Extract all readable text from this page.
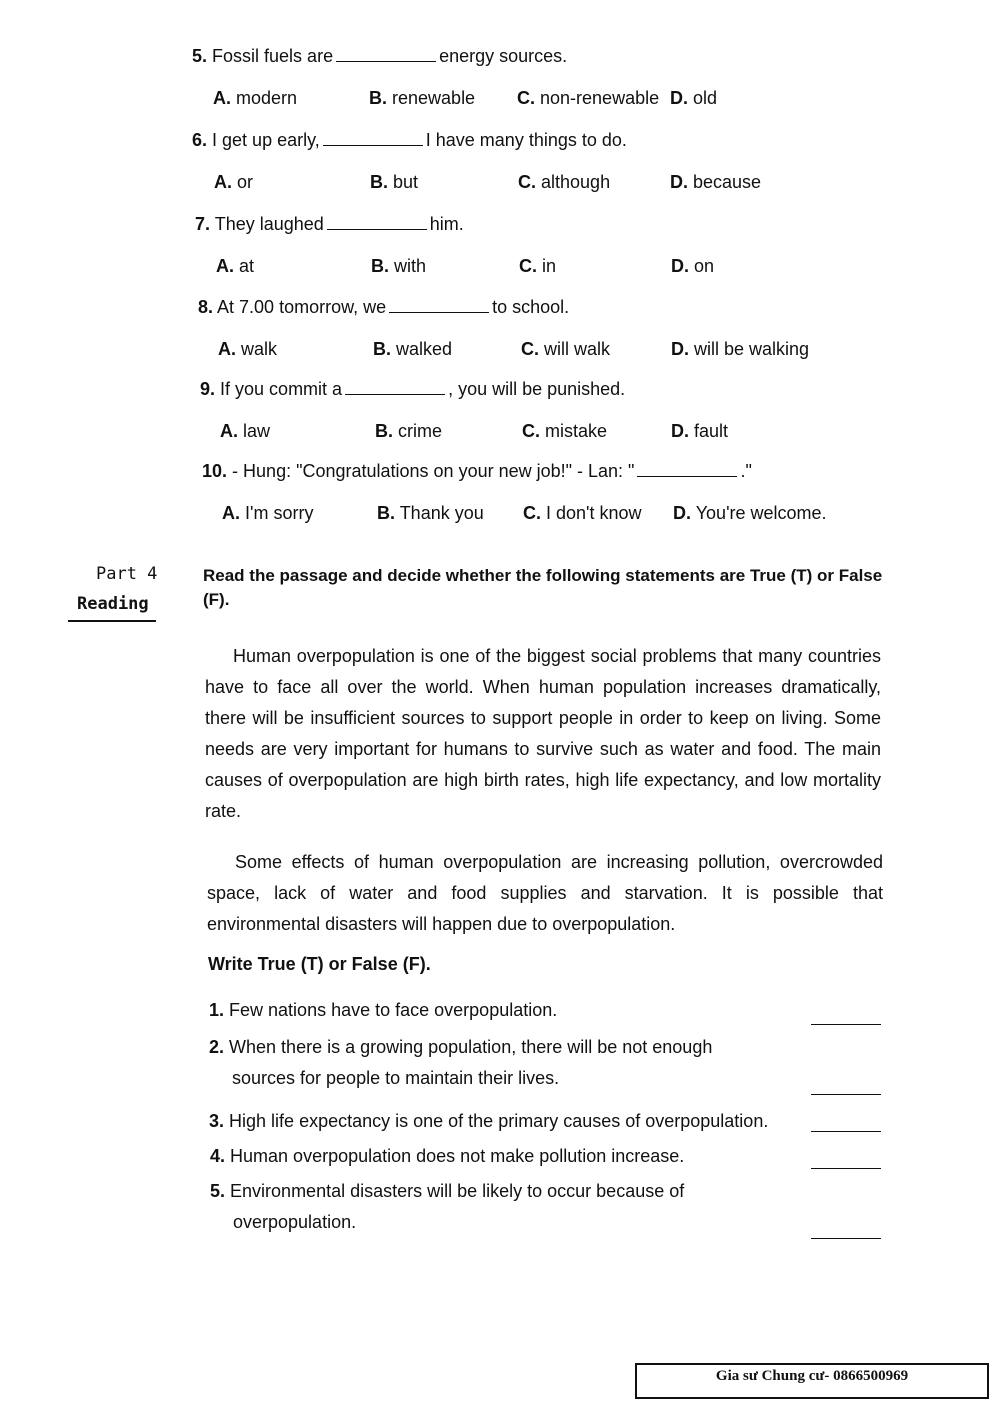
5. Fossil fuels are	energy sources.
A. modern	B. renewable C. non-renewable D. old
6. I get up early,	I have many things to do.
A. or	B. but	C. although	D. because
7. They laughed	him.
A. at	B. with	C. in	D. on
8. At 7.00 tomorrow, we	to school.
A. walk	B. walked	C. will walk	D. will be walking
9. If you commit a	, you will be punished.
A. law	B. crime	C. mistake	D. fault
10. - Hung: "Congratulations on your new job!" - Lan: "	."
A. I'm sorry	B. Thank you C. I don't know D. You're welcome.
Part 4
Reading
Read the passage and decide whether the following statements are True (T) or False (F).
Human overpopulation is one of the biggest social problems that many countries have to face all over the world. When human population increases dramatically, there will be insufficient sources to support people in order to keep on living. Some needs are very important for humans to survive such as water and food. The main causes of overpopulation are high birth rates, high life expectancy, and low mortality rate.
Some effects of human overpopulation are increasing pollution, overcrowded space, lack of water and food supplies and starvation. It is possible that environmental disasters will happen due to overpopulation.
Write True (T) or False (F).
1. Few nations have to face overpopulation.
2. When there is a growing population, there will be not enough
sources for people to maintain their lives.
3. High life expectancy is one of the primary causes of overpopulation.
4. Human overpopulation does not make pollution increase.
5. Environmental disasters will be likely to occur because of
overpopulation.
Gia sư Chung cư- 0866500969
